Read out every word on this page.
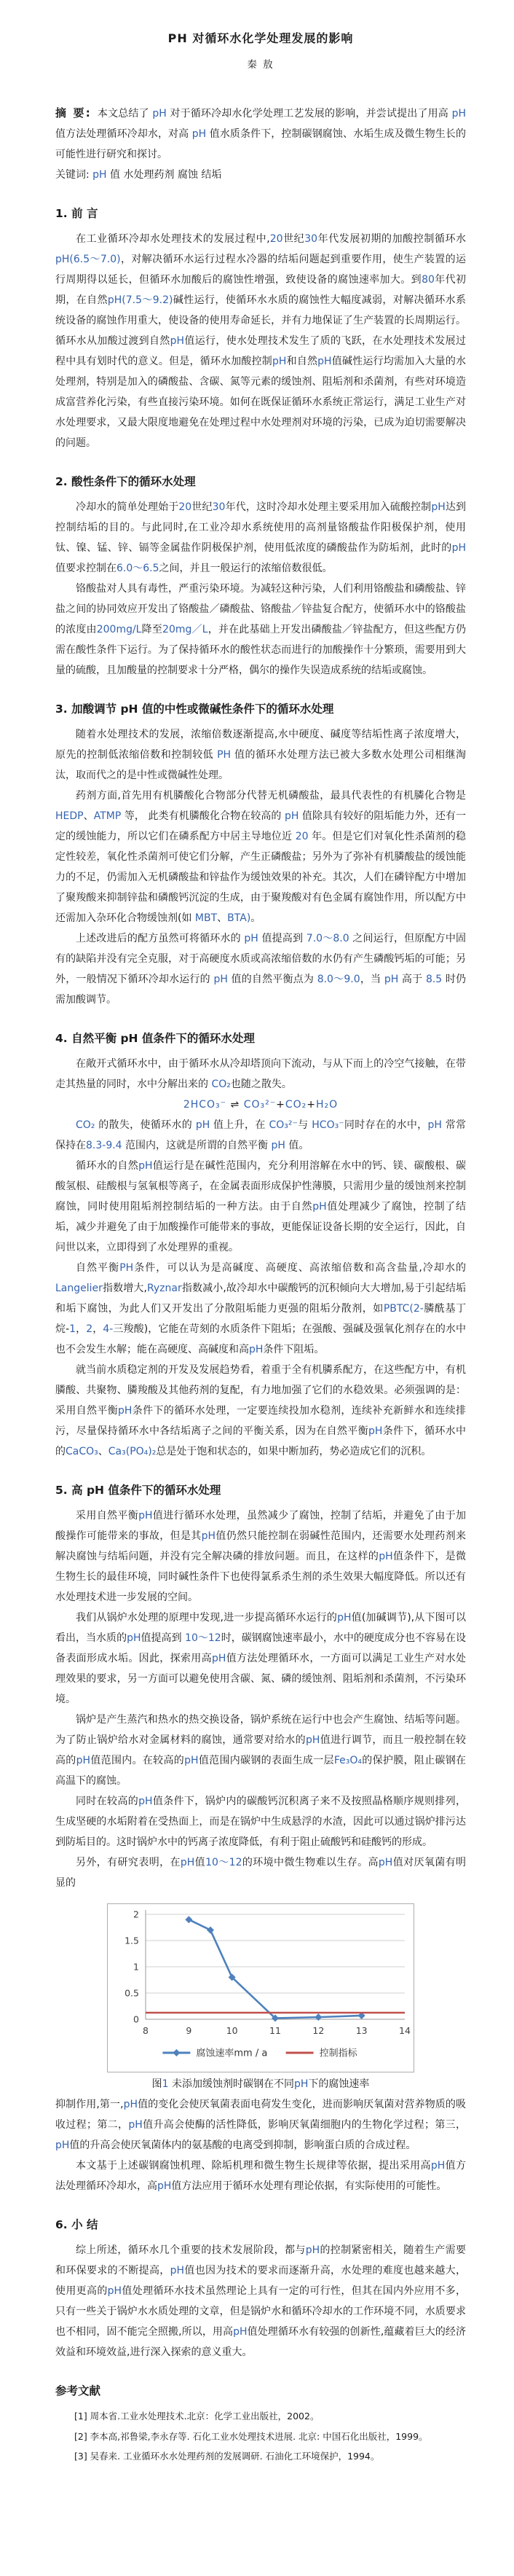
PH 对循环水化学处理发展的影响
秦 敖

摘 要: 本文总结了 pH 对于循环冷却水化学处理工艺发展的影响，并尝试提出了用高 pH 值方法处理循环冷却水，对高 pH 值水质条件下，控制碳钢腐蚀、水垢生成及微生物生长的可能性进行研究和探讨。

关键词: pH 值 水处理药剂 腐蚀 结垢

1. 前 言

在工业循环冷却水处理技术的发展过程中,20世纪30年代发展初期的加酸控制循环水pH(6.5～7.0)，对解决循环水运行过程水冷器的结垢问题起到重要作用，使生产装置的运行周期得以延长，但循环水加酸后的腐蚀性增强，致使设备的腐蚀速率加大。到80年代初期，在自然pH(7.5～9.2)碱性运行，使循环水水质的腐蚀性大幅度减弱，对解决循环水系统设备的腐蚀作用重大，使设备的使用寿命延长，并有力地保证了生产装置的长周期运行。循环水从加酸过渡到自然pH值运行，使水处理技术发生了质的飞跃，在水处理技术发展过程中具有划时代的意义。但是，循环水加酸控制pH和自然pH值碱性运行均需加入大量的水处理剂，特别是加入的磷酸盐、含碳、氮等元素的缓蚀剂、阻垢剂和杀菌剂，有些对环境造成富营养化污染，有些直接污染环境。如何在既保证循环水系统正常运行，满足工业生产对水处理要求，又最大限度地避免在处理过程中水处理剂对环境的污染，已成为迫切需要解决的问题。

2. 酸性条件下的循环水处理

冷却水的简单处理始于20世纪30年代，这时冷却水处理主要采用加入硫酸控制pH达到控制结垢的目的。与此同时,在工业冷却水系统使用的高剂量铬酸盐作阳极保护剂，使用钛、镍、锰、锌、镉等金属盐作阴极保护剂，使用低浓度的磷酸盐作为防垢剂，此时的pH值要求控制在6.0～6.5之间，并且一般运行的浓缩倍数很低。

铬酸盐对人具有毒性，严重污染环境。为减轻这种污染，人们利用铬酸盐和磷酸盐、锌盐之间的协同效应开发出了铬酸盐／磷酸盐、铬酸盐／锌盐复合配方，使循环水中的铬酸盐的浓度由200mg/L降至20mg／L，并在此基础上开发出磷酸盐／锌盐配方，但这些配方仍需在酸性条件下运行。为了保持循环水的酸性状态而进行的加酸操作十分繁琐，需要用到大量的硫酸，且加酸量的控制要求十分严格，偶尔的操作失误造成系统的结垢或腐蚀。

3. 加酸调节 pH 值的中性或微碱性条件下的循环水处理

随着水处理技术的发展，浓缩倍数逐渐提高,水中硬度、碱度等结垢性离子浓度增大，原先的控制低浓缩倍数和控制较低 PH 值的循环水处理方法已被大多数水处理公司相继淘汰，取而代之的是中性或微碱性处理。

药剂方面,首先用有机膦酸化合物部分代替无机磷酸盐，最具代表性的有机膦化合物是HEDP、ATMP 等， 此类有机膦酸化合物在较高的 pH 值除具有较好的阻垢能力外，还有一定的缓蚀能力，所以它们在磷系配方中居主导地位近 20 年。但是它们对氧化性杀菌剂的稳定性较差，氧化性杀菌剂可使它们分解，产生正磷酸盐；另外为了弥补有机膦酸盐的缓蚀能力的不足，仍需加入无机磷酸盐和锌盐作为缓蚀效果的补充。其次，人们在磷锌配方中增加了聚羧酸来抑制锌盐和磷酸钙沉淀的生成，由于聚羧酸对有色金属有腐蚀作用，所以配方中还需加入杂环化合物缓蚀剂(如 MBT、BTA)。

上述改进后的配方虽然可将循环水的 pH 值提高到 7.0～8.0 之间运行，但原配方中固有的缺陷并没有完全克服，对于高硬度水质或高浓缩倍数的水仍有产生磷酸钙垢的可能；另外，一般情况下循环冷却水运行的 pH 值的自然平衡点为 8.0～9.0，当 pH 高于 8.5 时仍需加酸调节。

4. 自然平衡 pH 值条件下的循环水处理

在敞开式循环水中，由于循环水从冷却塔顶向下流动，与从下而上的冷空气接触，在带走其热量的同时，水中分解出来的 CO₂也随之散失。

2HCO₃⁻ ⇌ CO₃²⁻+CO₂+H₂O

CO₂ 的散失，使循环水的 pH 值上升，在 CO₃²⁻与 HCO₃⁻同时存在的水中，pH 常常保持在8.3-9.4 范围内，这就是所谓的自然平衡 pH 值。

循环水的自然pH值运行是在碱性范围内，充分利用溶解在水中的钙、镁、碳酸根、碳酸氢根、硅酸根与氢氧根等离子，在金属表面形成保护性薄膜，只需用少量的缓蚀剂来控制腐蚀，同时使用阻垢剂控制结垢的一种方法。由于自然pH值处理减少了腐蚀，控制了结垢，减少并避免了由于加酸操作可能带来的事故，更能保证设备长期的安全运行，因此，自问世以来，立即得到了水处理界的重视。

自然平衡PH条件，可以认为是高碱度、高硬度、高浓缩倍数和高含盐量,冷却水的Langelier指数增大,Ryznar指数减小,故冷却水中碳酸钙的沉积倾向大大增加,易于引起结垢和垢下腐蚀，为此人们又开发出了分散阻垢能力更强的阻垢分散剂，如PBTC(2-膦酰基丁烷-1，2，4-三羧酸)，它能在苛刻的水质条件下阻垢；在强酸、强碱及强氧化剂存在的水中也不会发生水解；能在高硬度、高碱度和高pH条件下阻垢。

就当前水质稳定剂的开发及发展趋势看，着重于全有机膦系配方，在这些配方中，有机膦酸、共聚物、膦羧酸及其他药剂的复配，有力地加强了它们的水稳效果。必须强调的是：采用自然平衡pH条件下的循环水处理，一定要连续投加水稳剂，连续补充新鲜水和连续排污，尽量保持循环水中各结垢离子之间的平衡关系，因为在自然平衡pH条件下，循环水中的CaCO₃、Ca₃(PO₄)₂总是处于饱和状态的，如果中断加药，势必造成它们的沉积。

5. 高 pH 值条件下的循环水处理

采用自然平衡pH值进行循环水处理，虽然减少了腐蚀，控制了结垢，并避免了由于加酸操作可能带来的事故，但是其pH值仍然只能控制在弱碱性范围内，还需要水处理药剂来解决腐蚀与结垢问题，并没有完全解决磷的排放问题。而且，在这样的pH值条件下，是微生物生长的最佳环境，同时碱性条件下也使得氯系杀生剂的杀生效果大幅度降低。所以还有水处理技术进一步发展的空间。

我们从锅炉水处理的原理中发现,进一步提高循环水运行的pH值(加碱调节),从下图可以看出，当水质的pH值提高到 10～12时，碳钢腐蚀速率最小，水中的硬度成分也不容易在设备表面形成水垢。因此，探索用高pH值方法处理循环水，一方面可以满足工业生产对水处理效果的要求，另一方面可以避免使用含碳、氮、磷的缓蚀剂、阻垢剂和杀菌剂，不污染环境。

锅炉是产生蒸汽和热水的热交换设备，锅炉系统在运行中也会产生腐蚀、结垢等问题。为了防止锅炉给水对金属材料的腐蚀，通常要对给水的pH值进行调节，而且一般控制在较高的pH值范围内。在较高的pH值范围内碳钢的表面生成一层Fe₃O₄的保护膜，阻止碳钢在高温下的腐蚀。

同时在较高的pH值条件下，锅炉内的碳酸钙沉积离子来不及按照晶格顺序规则排列，生成坚硬的水垢附着在受热面上，而是在锅炉中生成悬浮的水渣，因此可以通过锅炉排污达到防垢目的。这时锅炉水中的钙离子浓度降低，有利于阻止硫酸钙和硅酸钙的形成。

另外，有研究表明，在pH值10～12的环境中微生物难以生存。高pH值对厌氧菌有明显的

0
0.5
1
1.5
2
8	9	10	11	12	13	14
腐蚀速率mm / a	控制指标

图1 未添加缓蚀剂时碳钢在不同pH下的腐蚀速率

抑制作用,第一,pH值的变化会使厌氧菌表面电荷发生变化，进而影响厌氧菌对营养物质的吸收过程；第二，pH值升高会使酶的活性降低，影响厌氧菌细胞内的生物化学过程；第三，pH值的升高会使厌氧菌体内的氨基酸的电离受到抑制，影响蛋白质的合成过程。

本文基于上述碳钢腐蚀机理、除垢机理和微生物生长规律等依据，提出采用高pH值方法处理循环冷却水，高pH值方法应用于循环水处理有理论依据，有实际使用的可能性。

6. 小 结

综上所述，循环水几个重要的技术发展阶段，都与pH的控制紧密相关，随着生产需要和环保要求的不断提高，pH值也因为技术的要求而逐渐升高，水处理的难度也越来越大，使用更高的pH值处理循环水技术虽然理论上具有一定的可行性，但其在国内外应用不多，只有一些关于锅炉水水质处理的文章，但是锅炉水和循环冷却水的工作环境不同，水质要求也不相同，固不能完全照搬,所以，用高pH值处理循环水有较强的创新性,蕴藏着巨大的经济效益和环境效益,进行深入探索的意义重大。

参考文献

[1] 周本省.工业水处理技术.北京：化学工业出版社，2002。

[2] 李本高,祁鲁梁,李永存等. 石化工业水处理技术进展. 北京: 中国石化出版社，1999。

[3] 吴春来. 工业循环水水处理药剂的发展调研. 石油化工环境保护，1994。
